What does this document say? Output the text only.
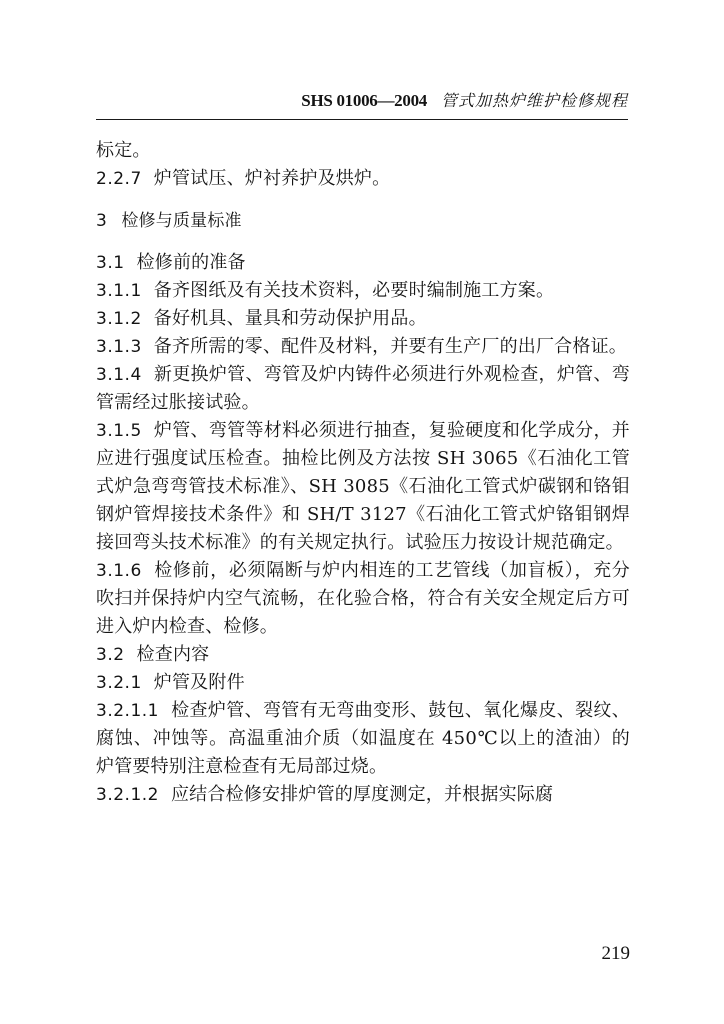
SHS 01006—2004 管式加热炉维护检修规程

标定。

2.2.7 炉管试压、炉衬养护及烘炉。

3 检修与质量标准

3.1 检修前的准备

3.1.1 备齐图纸及有关技术资料，必要时编制施工方案。

3.1.2 备好机具、量具和劳动保护用品。

3.1.3 备齐所需的零、配件及材料，并要有生产厂的出厂合格证。

3.1.4 新更换炉管、弯管及炉内铸件必须进行外观检查，炉管、弯管需经过胀接试验。

3.1.5 炉管、弯管等材料必须进行抽查，复验硬度和化学成分，并应进行强度试压检查。抽检比例及方法按 SH 3065《石油化工管式炉急弯弯管技术标准》、SH 3085《石油化工管式炉碳钢和铬钼钢炉管焊接技术条件》和 SH/T 3127《石油化工管式炉铬钼钢焊接回弯头技术标准》的有关规定执行。试验压力按设计规范确定。

3.1.6 检修前，必须隔断与炉内相连的工艺管线（加盲板），充分吹扫并保持炉内空气流畅，在化验合格，符合有关安全规定后方可进入炉内检查、检修。

3.2 检查内容

3.2.1 炉管及附件

3.2.1.1 检查炉管、弯管有无弯曲变形、鼓包、氧化爆皮、裂纹、腐蚀、冲蚀等。高温重油介质（如温度在 450℃以上的渣油）的炉管要特别注意检查有无局部过烧。

3.2.1.2 应结合检修安排炉管的厚度测定，并根据实际腐

219
